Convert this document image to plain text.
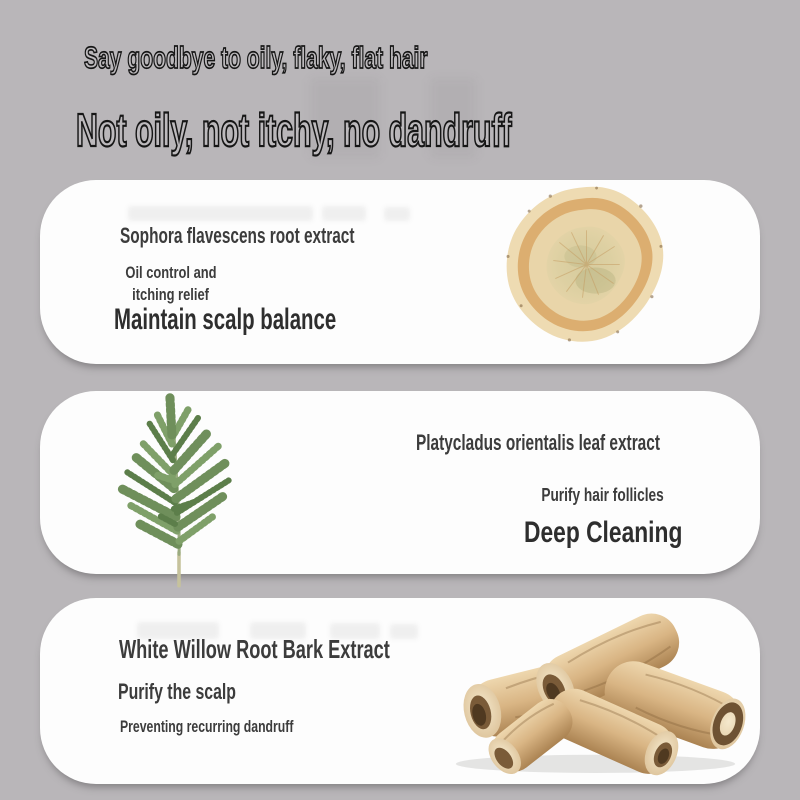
Say goodbye to oily, flaky, flat hair
Not oily, not itchy, no dandruff
Sophora flavescens root extract
Oil control and
itching relief
Maintain scalp balance
Platycladus orientalis leaf extract
Purify hair follicles
Deep Cleaning
White Willow Root Bark Extract
Purify the scalp
Preventing recurring dandruff
